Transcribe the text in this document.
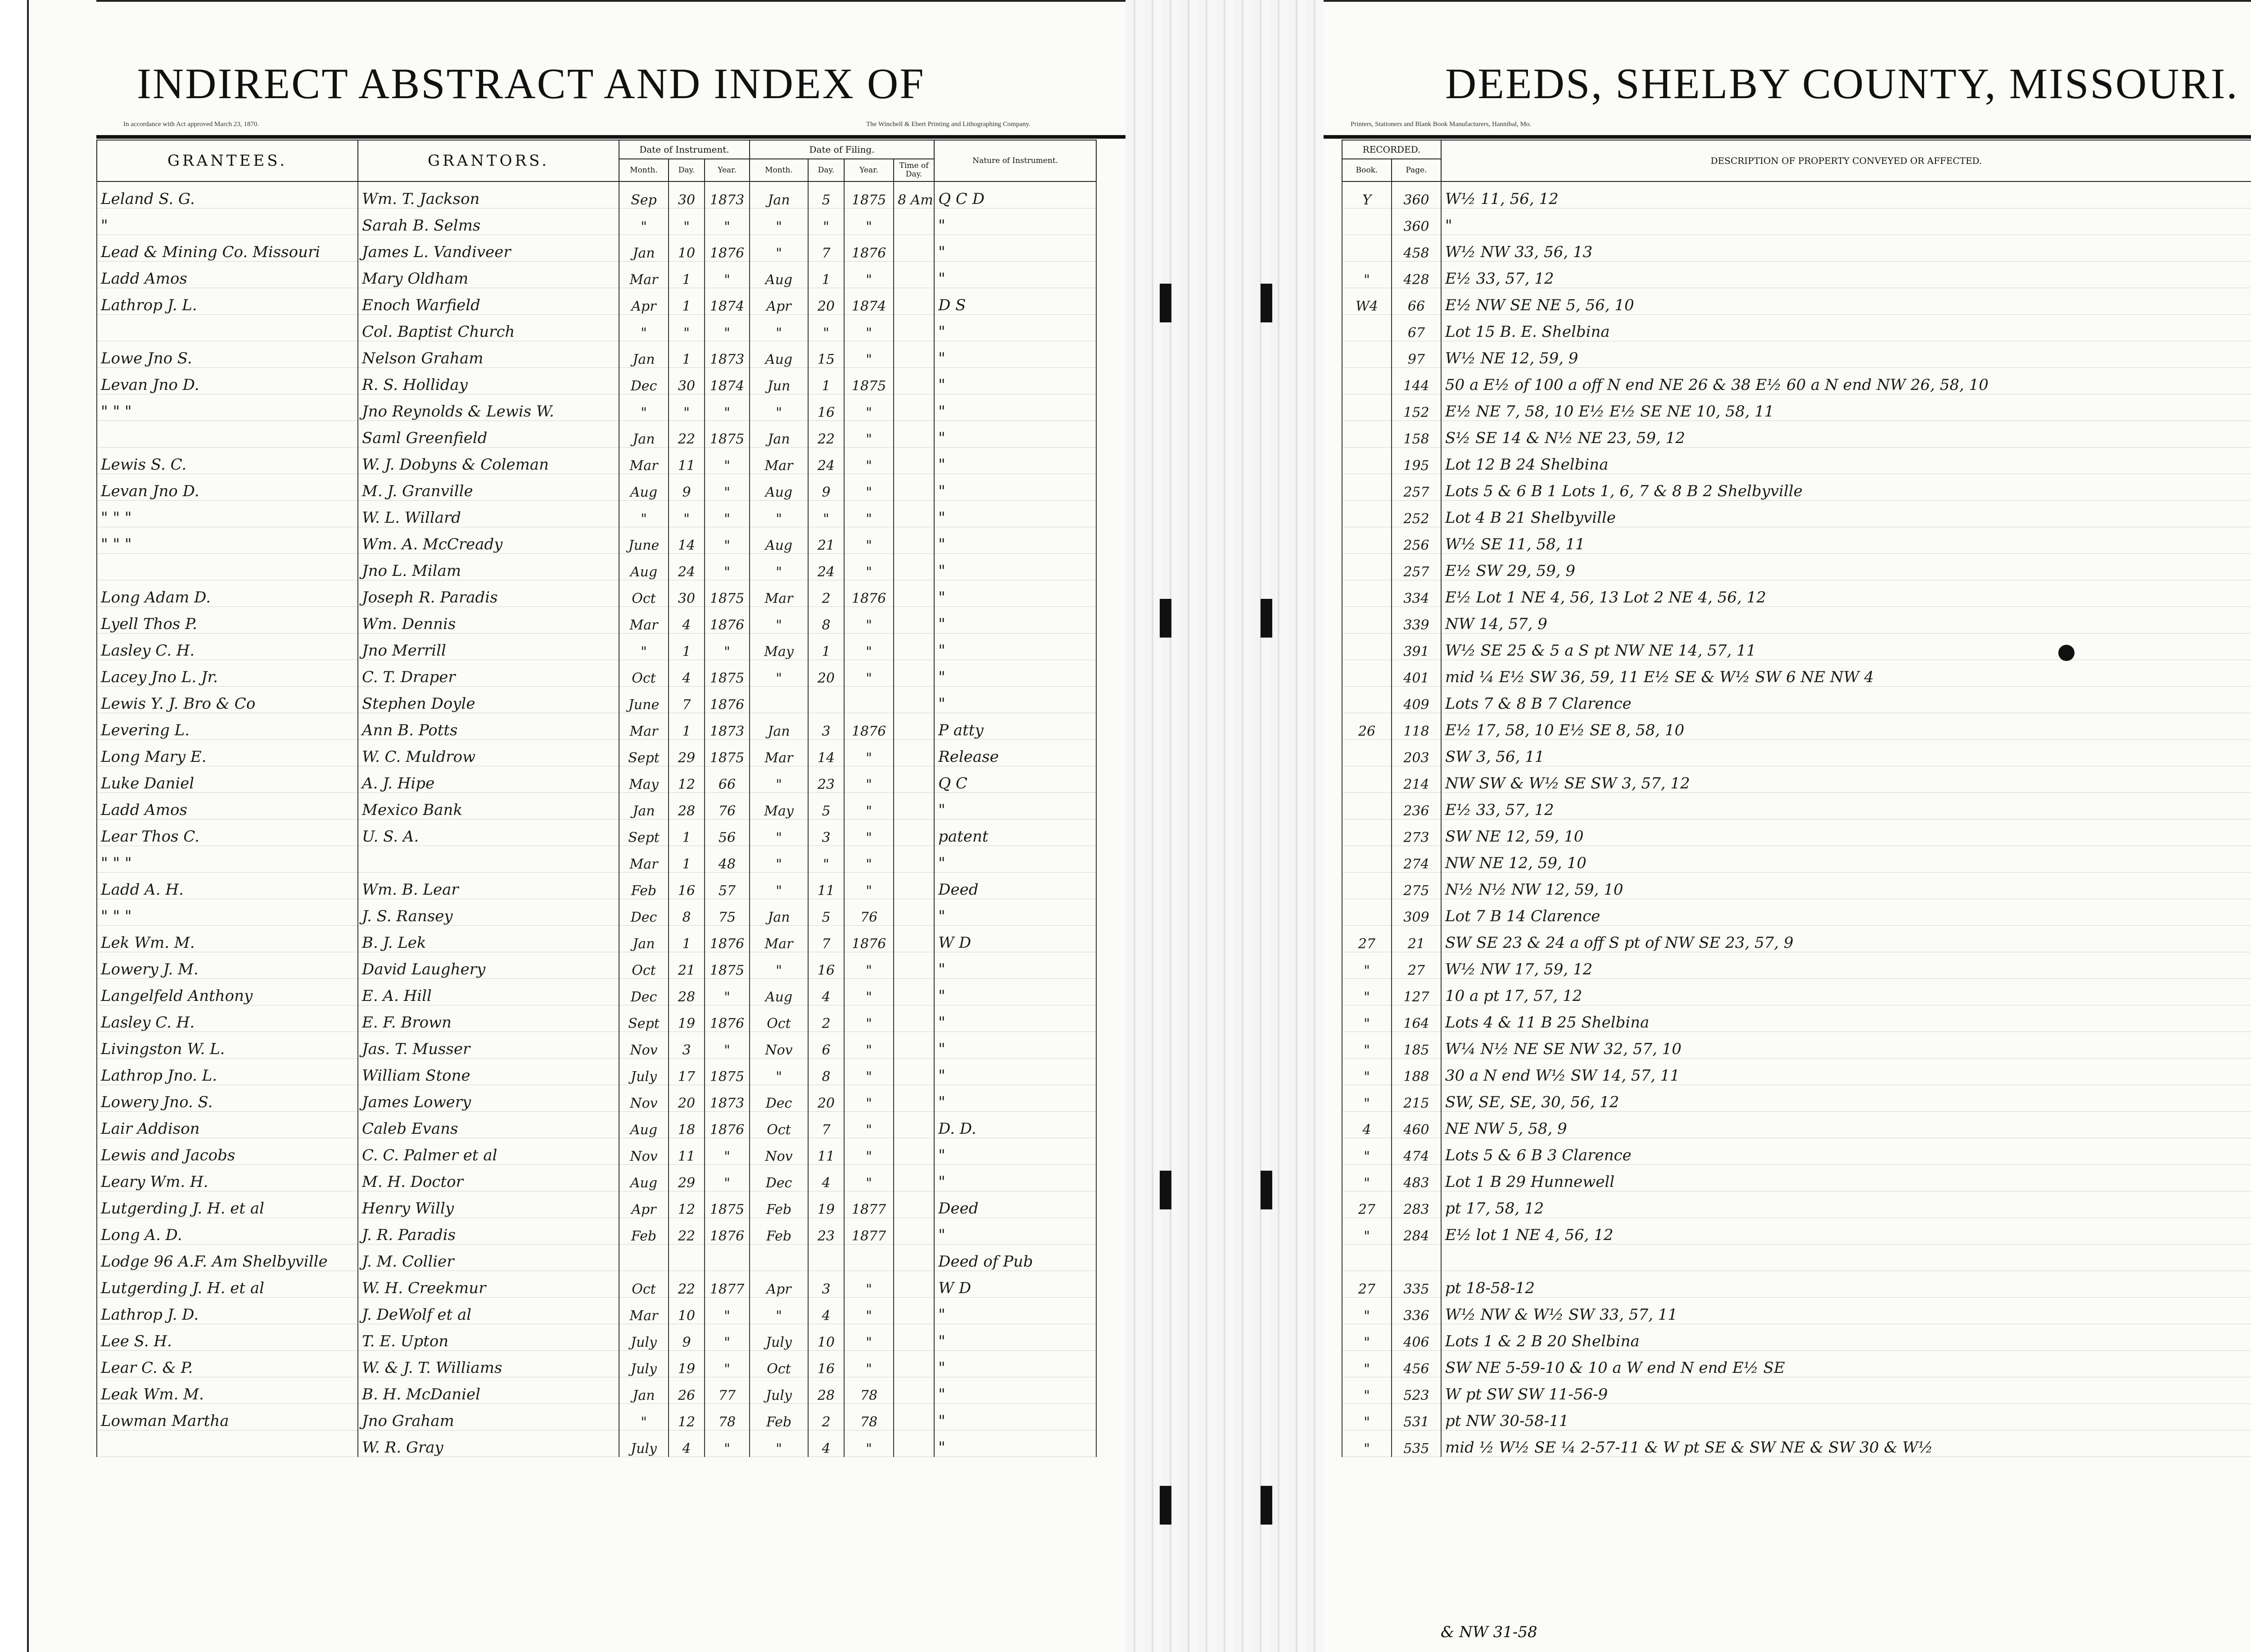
INDIRECT ABSTRACT AND INDEX OF
In accordance with Act approved March 23, 1870.	The Winchell & Ebert Printing and Lithographing Company.
GRANTEES.	GRANTORS.	Date of Instrument.			Date of Filing.				Nature of Instrument.
		Month.	Day.	Year.	Month.	Day.	Year.	Time of Day.	
Leland S. G.	Wm. T. Jackson	Sep	30	1873	Jan	5	1875	8 Am	Q C D
"	Sarah B. Selms	"	"	"	"	"	"		"
Lead & Mining Co. Missouri	James L. Vandiveer	Jan	10	1876	"	7	1876		"
Ladd Amos	Mary Oldham	Mar	1	"	Aug	1	"		"
Lathrop J. L.	Enoch Warfield	Apr	1	1874	Apr	20	1874		D S
	Col. Baptist Church	"	"	"	"	"	"		"
Lowe Jno S.	Nelson Graham	Jan	1	1873	Aug	15	"		"
Levan Jno D.	R. S. Holliday	Dec	30	1874	Jun	1	1875		"
" " "	Jno Reynolds & Lewis W.	"	"	"	"	16	"		"
	Saml Greenfield	Jan	22	1875	Jan	22	"		"
Lewis S. C.	W. J. Dobyns & Coleman	Mar	11	"	Mar	24	"		"
Levan Jno D.	M. J. Granville	Aug	9	"	Aug	9	"		"
" " "	W. L. Willard	"	"	"	"	"	"		"
" " "	Wm. A. McCready	June	14	"	Aug	21	"		"
	Jno L. Milam	Aug	24	"	"	24	"		"
Long Adam D.	Joseph R. Paradis	Oct	30	1875	Mar	2	1876		"
Lyell Thos P.	Wm. Dennis	Mar	4	1876	"	8	"		"
Lasley C. H.	Jno Merrill	"	1	"	May	1	"		"
Lacey Jno L. Jr.	C. T. Draper	Oct	4	1875	"	20	"		"
Lewis Y. J. Bro & Co	Stephen Doyle	June	7	1876					"
Levering L.	Ann B. Potts	Mar	1	1873	Jan	3	1876		P atty
Long Mary E.	W. C. Muldrow	Sept	29	1875	Mar	14	"		Release
Luke Daniel	A. J. Hipe	May	12	66	"	23	"		Q C
Ladd Amos	Mexico Bank	Jan	28	76	May	5	"		"
Lear Thos C.	U. S. A.	Sept	1	56	"	3	"		patent
" " "		Mar	1	48	"	"	"		"
Ladd A. H.	Wm. B. Lear	Feb	16	57	"	11	"		Deed
" " "	J. S. Ransey	Dec	8	75	Jan	5	76		"
Lek Wm. M.	B. J. Lek	Jan	1	1876	Mar	7	1876		W D
Lowery J. M.	David Laughery	Oct	21	1875	"	16	"		"
Langelfeld Anthony	E. A. Hill	Dec	28	"	Aug	4	"		"
Lasley C. H.	E. F. Brown	Sept	19	1876	Oct	2	"		"
Livingston W. L.	Jas. T. Musser	Nov	3	"	Nov	6	"		"
Lathrop Jno. L.	William Stone	July	17	1875	"	8	"		"
Lowery Jno. S.	James Lowery	Nov	20	1873	Dec	20	"		"
Lair Addison	Caleb Evans	Aug	18	1876	Oct	7	"		D. D.
Lewis and Jacobs	C. C. Palmer et al	Nov	11	"	Nov	11	"		"
Leary Wm. H.	M. H. Doctor	Aug	29	"	Dec	4	"		"
Lutgerding J. H. et al	Henry Willy	Apr	12	1875	Feb	19	1877		Deed
Long A. D.	J. R. Paradis	Feb	22	1876	Feb	23	1877		"
Lodge 96 A.F. Am Shelbyville	J. M. Collier								Deed of Pub
Lutgerding J. H. et al	W. H. Creekmur	Oct	22	1877	Apr	3	"		W D
Lathrop J. D.	J. DeWolf et al	Mar	10	"	"	4	"		"
Lee S. H.	T. E. Upton	July	9	"	July	10	"		"
Lear C. & P.	W. & J. T. Williams	July	19	"	Oct	16	"		"
Leak Wm. M.	B. H. McDaniel	Jan	26	77	July	28	78		"
Lowman Martha	Jno Graham	"	12	78	Feb	2	78		"
	W. R. Gray	July	4	"	"	4	"		"
DEEDS, SHELBY COUNTY, MISSOURI.
Printers, Stationers and Blank Book Manufacturers, Hannibal, Mo.
RECORDED.		DESCRIPTION OF PROPERTY CONVEYED OR AFFECTED.			
Book.	Page.				
Y	360	W½ 11, 56, 12			
	360	"			
	458	W½ NW 33, 56, 13			
"	428	E½ 33, 57, 12			
W4	66	E½ NW SE NE 5, 56, 10			
	67	Lot 15 B. E. Shelbina			
	97	W½ NE 12, 59, 9			
	144	50 a E½ of 100 a off N end NE 26 & 38 E½ 60 a N end NW 26, 58, 10			
	152	E½ NE 7, 58, 10 E½ E½ SE NE 10, 58, 11			
	158	S½ SE 14 & N½ NE 23, 59, 12			
	195	Lot 12 B 24 Shelbina			
	257	Lots 5 & 6 B 1 Lots 1, 6, 7 & 8 B 2 Shelbyville			
	252	Lot 4 B 21 Shelbyville			
	256	W½ SE 11, 58, 11			
	257	E½ SW 29, 59, 9			
	334	E½ Lot 1 NE 4, 56, 13 Lot 2 NE 4, 56, 12			
	339	NW 14, 57, 9			
	391	W½ SE 25 & 5 a S pt NW NE 14, 57, 11			
	401	mid ¼ E½ SW 36, 59, 11 E½ SE & W½ SW 6 NE NW 4			
	409	Lots 7 & 8 B 7 Clarence			
26	118	E½ 17, 58, 10 E½ SE 8, 58, 10			
	203	SW 3, 56, 11			
	214	NW SW & W½ SE SW 3, 57, 12			
	236	E½ 33, 57, 12			
	273	SW NE 12, 59, 10			
	274	NW NE 12, 59, 10			
	275	N½ N½ NW 12, 59, 10			
	309	Lot 7 B 14 Clarence			
27	21	SW SE 23 & 24 a off S pt of NW SE 23, 57, 9			
"	27	W½ NW 17, 59, 12			
"	127	10 a pt 17, 57, 12			
"	164	Lots 4 & 11 B 25 Shelbina			
"	185	W¼ N½ NE SE NW 32, 57, 10			
"	188	30 a N end W½ SW 14, 57, 11			
"	215	SW, SE, SE, 30, 56, 12			
4	460	NE NW 5, 58, 9			
"	474	Lots 5 & 6 B 3 Clarence			
"	483	Lot 1 B 29 Hunnewell			
27	283	pt 17, 58, 12			
"	284	E½ lot 1 NE 4, 56, 12			

27	335	pt 18-58-12			
"	336	W½ NW & W½ SW 33, 57, 11			
"	406	Lots 1 & 2 B 20 Shelbina			
"	456	SW NE 5-59-10 & 10 a W end N end E½ SE			
"	523	W pt SW SW 11-56-9			
"	531	pt NW 30-58-11			
"	535	mid ½ W½ SE ¼ 2-57-11 & W pt SE & SW NE & SW 30 & W½			
& NW 31-58
